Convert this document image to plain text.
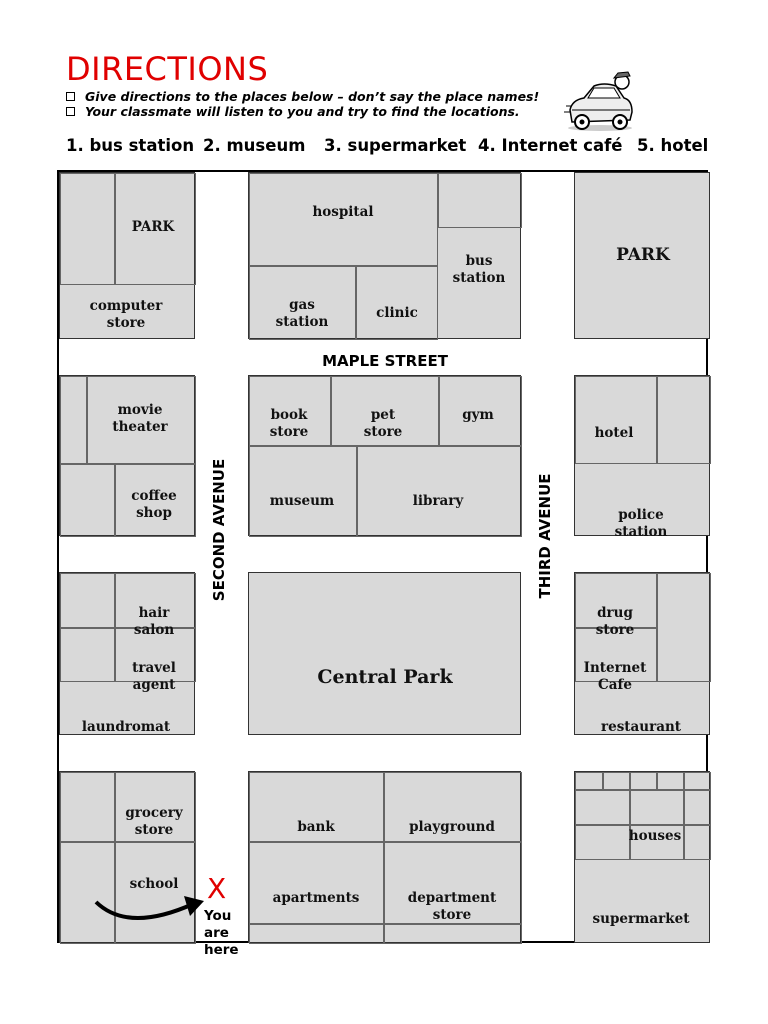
DIRECTIONS
Give directions to the places below – don’t say the place names!
Your classmate will listen to you and try to find the locations.
1. bus station 2. museum 3. supermarket 4. Internet café 5. hotel
PARK
computer
store
hospital
bus
station
gas
station
clinic
PARK
MAPLE STREET
movie
theater
coffee
shop
book
store
pet
store
gym
museum	library
hotel
police
station
hair
salon
travel
agent
laundromat
Central Park
drug
store
Internet
Cafe
restaurant
grocery
store
school
bank	playground
apartments	department
store
houses
supermarket
SECOND AVENUE	THIRD AVENUE
X
You
are
here
